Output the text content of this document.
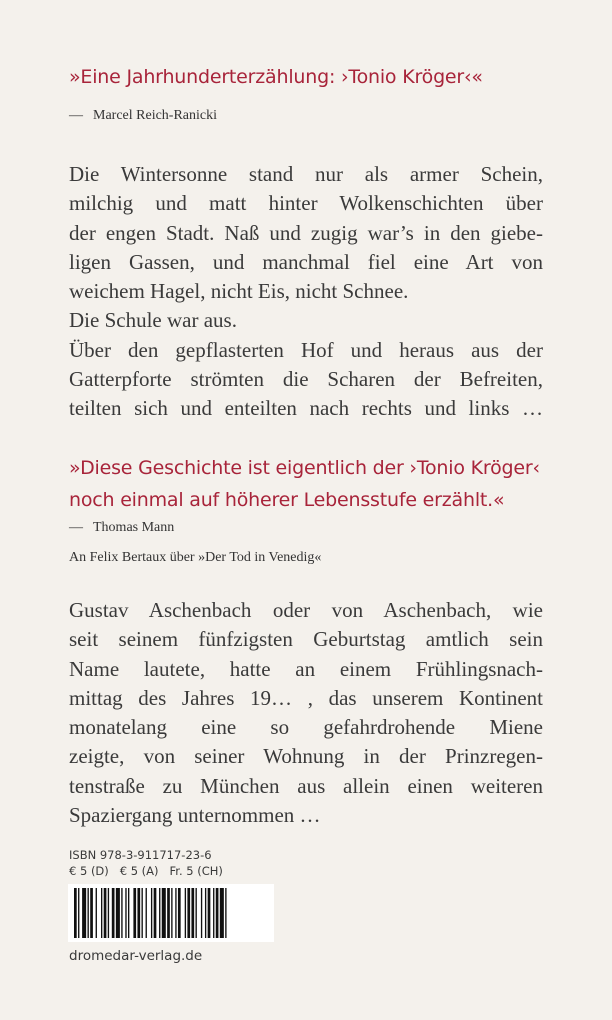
»Eine Jahrhunderterzählung: ›Tonio Kröger‹«

— Marcel Reich-Ranicki
Die Wintersonne stand nur als armer Schein,
milchig und matt hinter Wolkenschichten über
der engen Stadt. Naß und zugig war’s in den giebe-
ligen Gassen, und manchmal fiel eine Art von
weichem Hagel, nicht Eis, nicht Schnee.
Die Schule war aus.
Über den gepflasterten Hof und heraus aus der
Gatterpforte strömten die Scharen der Befreiten,
teilten sich und enteilten nach rechts und links …

»Diese Geschichte ist eigentlich der ›Tonio Kröger‹
noch einmal auf höherer Lebensstufe erzählt.«

— Thomas Mann
An Felix Bertaux über »Der Tod in Venedig«
Gustav Aschenbach oder von Aschenbach, wie
seit seinem fünfzigsten Geburtstag amtlich sein
Name lautete, hatte an einem Frühlingsnach-
mittag des Jahres 19… , das unserem Kontinent
monatelang eine so gefahrdrohende Miene
zeigte, von seiner Wohnung in der Prinzregen-
tenstraße zu München aus allein einen weiteren
Spaziergang unternommen …
ISBN 978-3-911717-23-6
€ 5 (D)   € 5 (A)   Fr. 5 (CH)
dromedar-verlag.de
